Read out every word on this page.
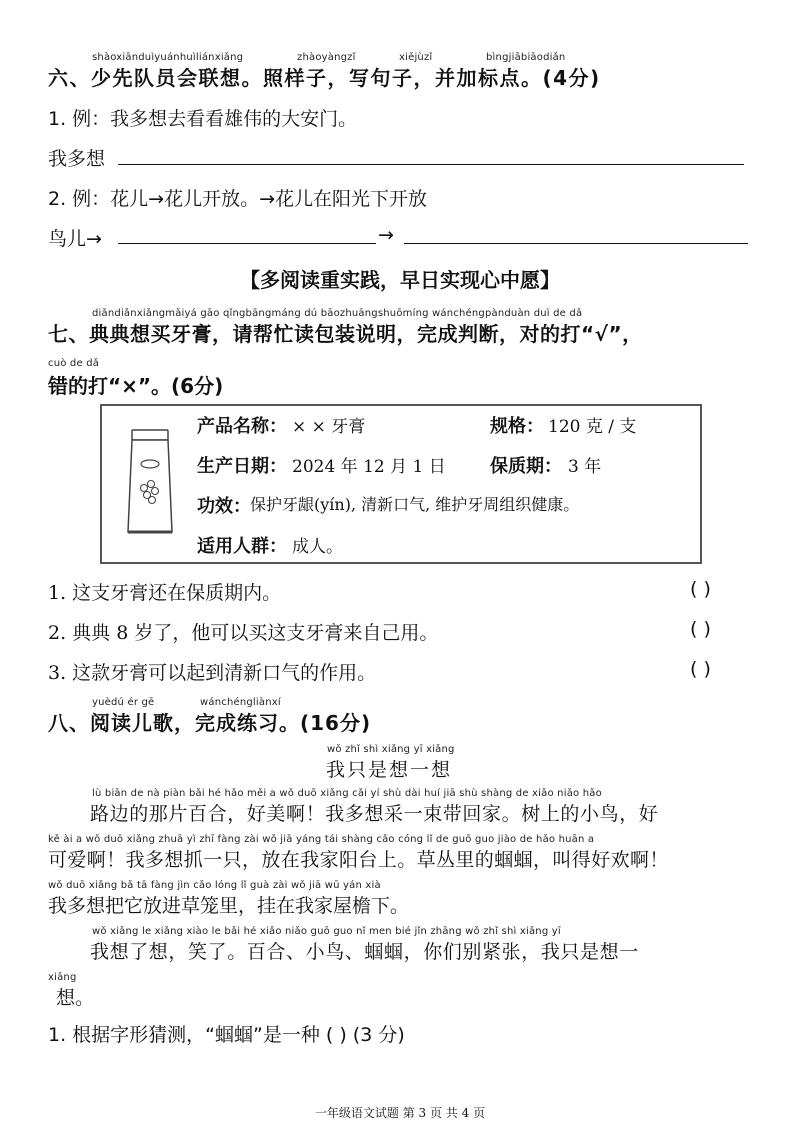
shàoxiānduìyuánhuìliánxiǎng	zhàoyàngzǐ	xiějùzǐ	bìngjiābiāodiǎn
六、少先队员会联想。照样子，写句子，并加标点。(4分)
1. 例：我多想去看看雄伟的大安门。
我多想
2. 例：花儿→花儿开放。→花儿在阳光下开放
鸟儿→	→
【多阅读重实践，早日实现心中愿】
diǎndiǎnxiǎngmǎiyá gāo qǐngbāngmáng dú bāozhuāngshuōmíng wánchéngpànduàn duì de dǎ
七、典典想买牙膏，请帮忙读包装说明，完成判断，对的打“√”，
cuò de dǎ
错的打“×”。(6分)
产品名称： × × 牙膏	规格： 120 克 / 支
生产日期： 2024 年 12 月 1 日 保质期： 3 年
功效： 保护牙龈(yín), 清新口气, 维护牙周组织健康。
适用人群： 成人。
1. 这支牙膏还在保质期内。	( )
2. 典典 8 岁了，他可以买这支牙膏来自己用。	( )
3. 这款牙膏可以起到清新口气的作用。	( )
yuèdú ér gē	wánchéngliànxí
八、阅读儿歌，完成练习。(16分)
wǒ zhǐ shì xiǎng yī xiǎng
我只是想一想
lù biān de nà piàn bǎi hé hǎo měi a wǒ duō xiǎng cǎi yí shù dài huí jiā shù shàng de xiǎo niǎo hǎo
路边的那片百合，好美啊！我多想采一束带回家。树上的小鸟，好
kě ài a wǒ duō xiǎng zhuā yì zhī fàng zài wǒ jiā yáng tái shàng cǎo cóng lǐ de guō guo jiào de hǎo huān a
可爱啊！我多想抓一只，放在我家阳台上。草丛里的蝈蝈，叫得好欢啊！
wǒ duō xiǎng bǎ tā fàng jìn cǎo lóng lǐ guà zài wǒ jiā wū yán xià
我多想把它放进草笼里，挂在我家屋檐下。
wǒ xiǎng le xiǎng xiào le bǎi hé xiǎo niǎo guō guo nǐ men bié jǐn zhāng wǒ zhǐ shì xiǎng yī
我想了想，笑了。百合、小鸟、蝈蝈，你们别紧张，我只是想一
xiǎng
想。
1. 根据字形猜测，“蝈蝈”是一种 ( ) (3 分)
一年级语文试题 第 3 页 共 4 页
